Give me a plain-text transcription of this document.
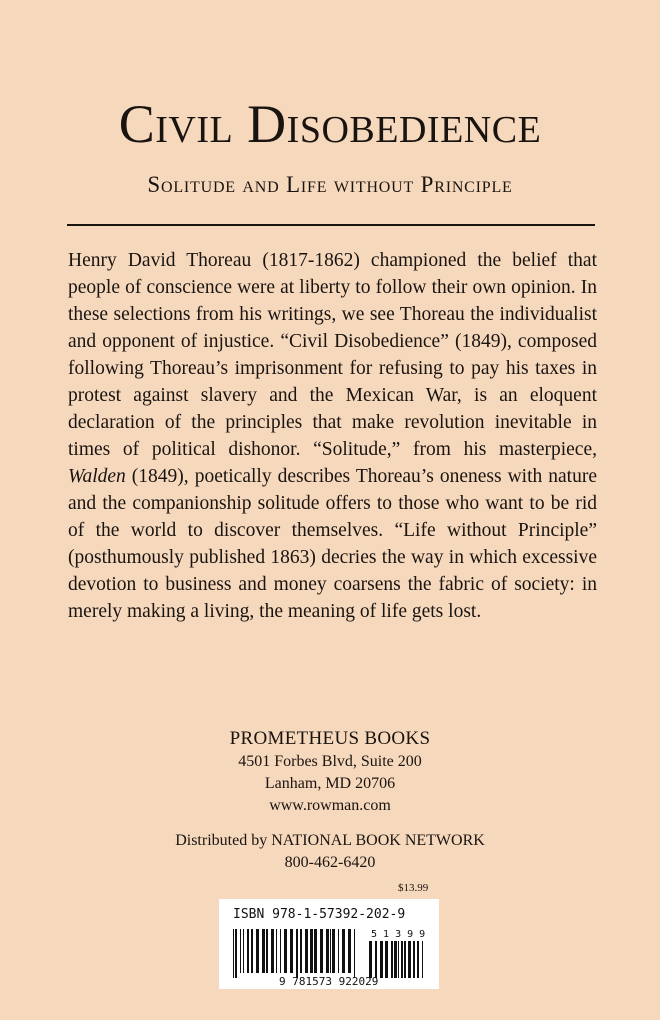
Civil Disobedience
Solitude and Life without Principle

Henry David Thoreau (1817-1862) championed the belief that people of conscience were at liberty to follow their own opinion. In these selections from his writings, we see Thoreau the individualist and opponent of injustice. “Civil Disobedience” (1849), composed following Thoreau’s imprisonment for refusing to pay his taxes in protest against slavery and the Mexican War, is an eloquent declaration of the principles that make revolution inevitable in times of political dishonor. “Solitude,” from his masterpiece, Walden (1849), poetically describes Thoreau’s oneness with nature and the companionship solitude offers to those who want to be rid of the world to discover themselves. “Life without Principle” (posthumously published 1863) decries the way in which excessive devotion to business and money coarsens the fabric of society: in merely making a living, the meaning of life gets lost.

PROMETHEUS BOOKS
4501 Forbes Blvd, Suite 200
Lanham, MD 20706
www.rowman.com
Distributed by NATIONAL BOOK NETWORK
800-462-6420
$13.99
ISBN 978-1-57392-202-9
9 781573 922029
5 1 3 9 9
